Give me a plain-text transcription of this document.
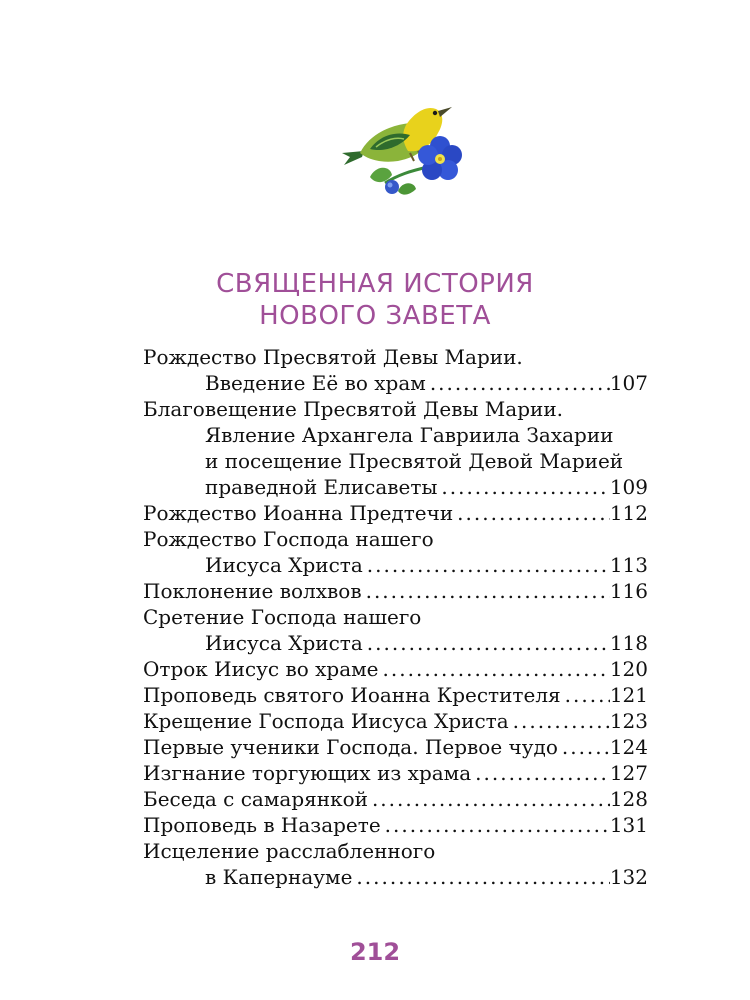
СВЯЩЕННАЯ ИСТОРИЯ
НОВОГО ЗАВЕТА
Рождество Пресвятой Девы Марии.
Введение Её во храм .....	107
Благовещение Пресвятой Девы Марии.
Явление Архангела Гавриила Захарии
и посещение Пресвятой Девой Марией
праведной Елисаветы .....	109
Рождество Иоанна Предтечи .....	112
Рождество Господа нашего
Иисуса Христа .....	113
Поклонение волхвов .....	116
Сретение Господа нашего
Иисуса Христа .....	118
Отрок Иисус во храме .....	120
Проповедь святого Иоанна Крестителя ..... 121
Крещение Господа Иисуса Христа .....	123
Первые ученики Господа. Первое чудо .....	124
Изгнание торгующих из храма .....	127
Беседа с самарянкой .....	128
Проповедь в Назарете .....	131
Исцеление расслабленного
в Капернауме .....	132
212
